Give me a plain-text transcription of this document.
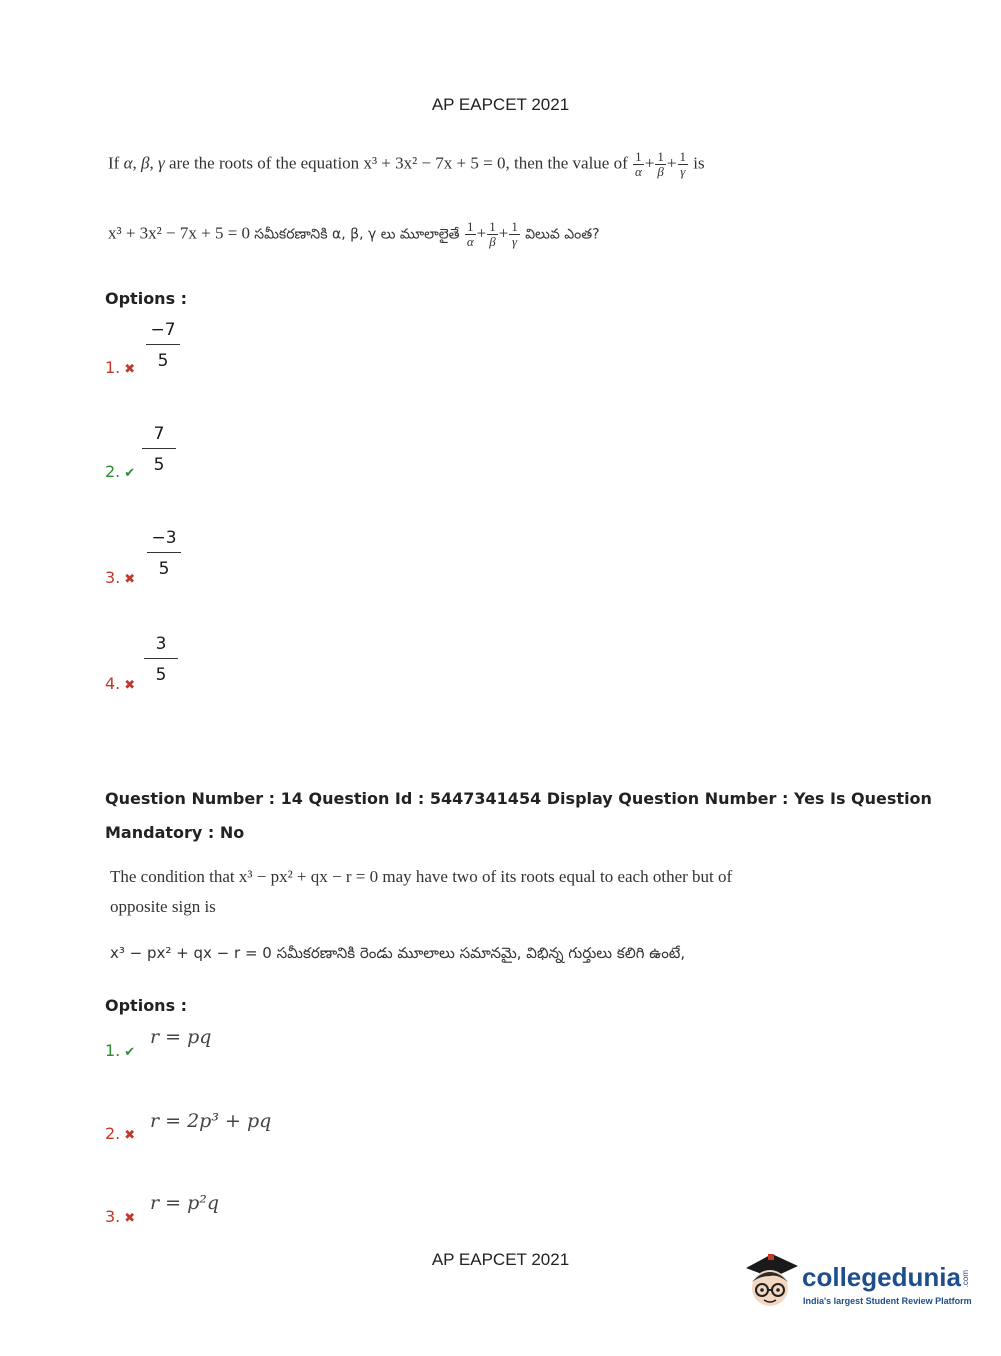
AP EAPCET 2021
If α, β, γ are the roots of the equation x³ + 3x² − 7x + 5 = 0, then the value of $\frac{1}{\alpha} + \frac{1}{\beta} + \frac{1}{\gamma}$ is
x³ + 3x² − 7x + 5 = 0 సమీకరణానికి α, β, γ లు మూలాలైతే $\frac{1}{\alpha} + \frac{1}{\beta} + \frac{1}{\gamma}$ విలువ ఎంత?
Options :
1. ✖ $\frac{-7}{5}$
2. ✔ $\frac{7}{5}$
3. ✖
$\frac{-3}{5}$
4. ✖
$\frac{3}{5}$
Question Number : 14 Question Id : 5447341454 Display Question Number : Yes Is Question
Mandatory : No
The condition that x³ − px² + qx − r = 0 may have two of its roots equal to each other but of
opposite sign is
x³ − px² + qx − r = 0 సమీకరణానికి రెండు మూలాలు సమానమై, విభిన్న గుర్తులు కలిగి ఉంటే,
Options :
1. ✔
r = pq
2. ✖
r = 2p³ + pq
3. ✖
r = p²q
AP EAPCET 2021
collegedunia.com
India's largest Student Review Platform
